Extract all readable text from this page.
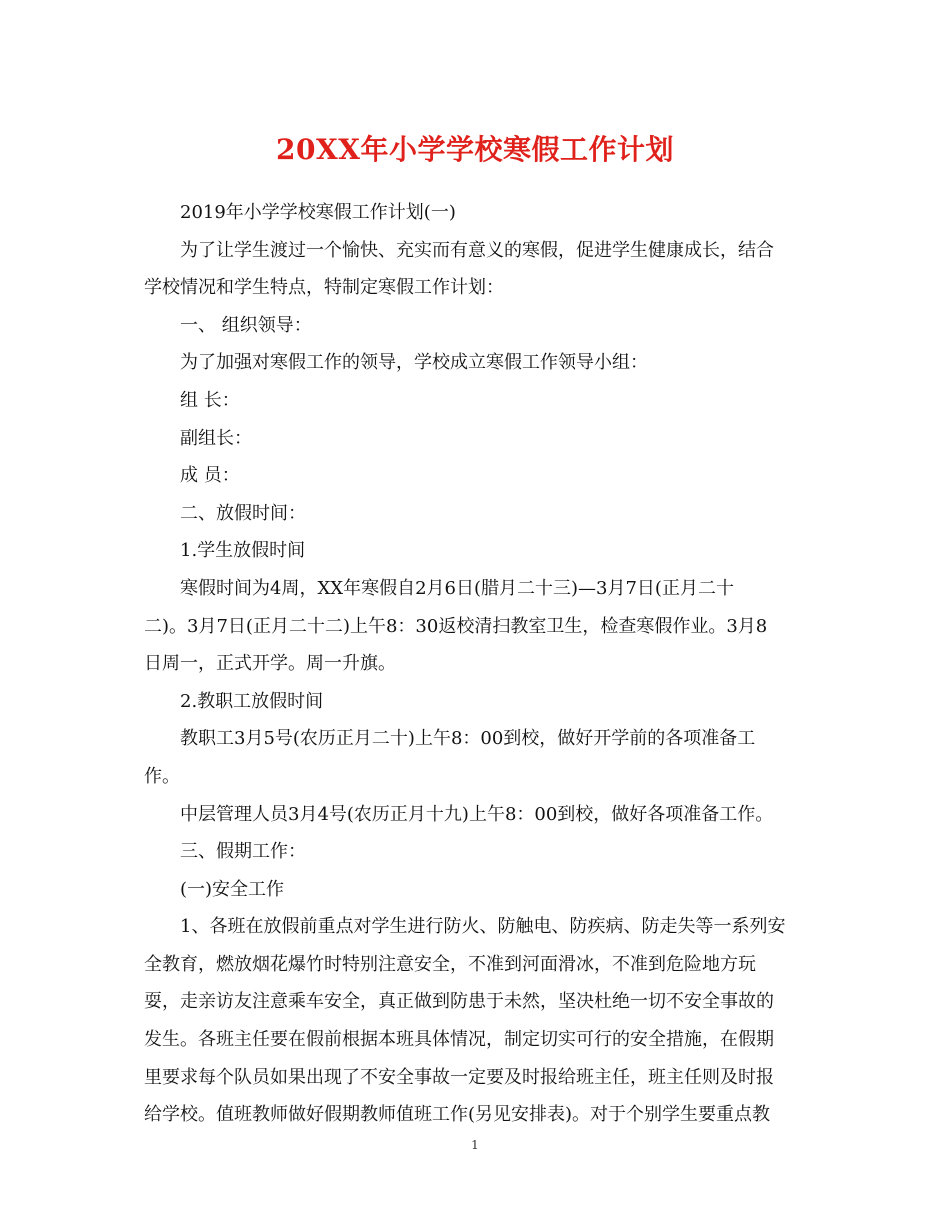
20XX年小学学校寒假工作计划

2019年小学学校寒假工作计划(一)

为了让学生渡过一个愉快、充实而有意义的寒假，促进学生健康成长，结合

学校情况和学生特点，特制定寒假工作计划：

一、 组织领导：

为了加强对寒假工作的领导，学校成立寒假工作领导小组：

组 长：

副组长：

成 员：

二、放假时间：

1.学生放假时间

寒假时间为4周，XX年寒假自2月6日(腊月二十三)—3月7日(正月二十

二)。3月7日(正月二十二)上午8：30返校清扫教室卫生，检查寒假作业。3月8

日周一，正式开学。周一升旗。

2.教职工放假时间

教职工3月5号(农历正月二十)上午8：00到校，做好开学前的各项准备工

作。

中层管理人员3月4号(农历正月十九)上午8：00到校，做好各项准备工作。

三、假期工作：

(一)安全工作

1、各班在放假前重点对学生进行防火、防触电、防疾病、防走失等一系列安

全教育，燃放烟花爆竹时特别注意安全，不准到河面滑冰，不准到危险地方玩

耍，走亲访友注意乘车安全，真正做到防患于未然，坚决杜绝一切不安全事故的

发生。各班主任要在假前根据本班具体情况，制定切实可行的安全措施，在假期

里要求每个队员如果出现了不安全事故一定要及时报给班主任，班主任则及时报

给学校。值班教师做好假期教师值班工作(另见安排表)。对于个别学生要重点教

1
